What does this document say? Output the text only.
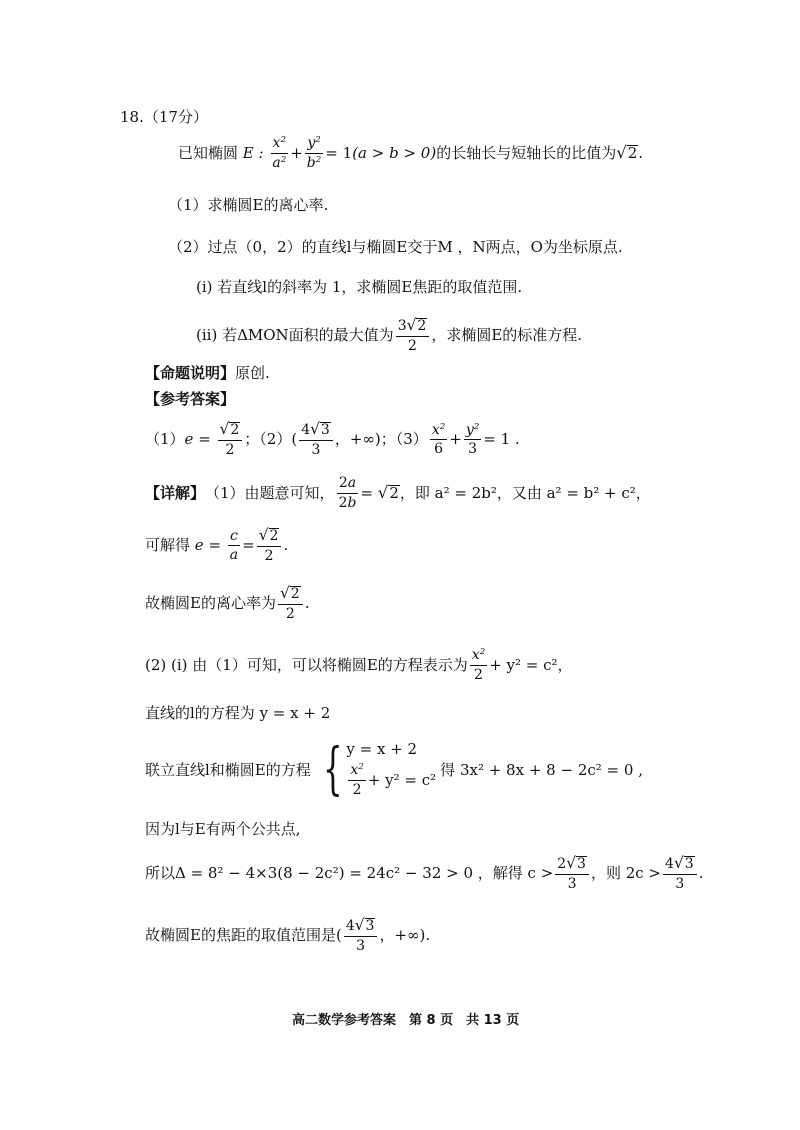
18.（17分）
已知椭圆 E : $\frac{x^2}{a^2} + \frac{y^2}{b^2} = 1$ (a > b > 0) 的长轴长与短轴长的比值为 √ 2 .
（1）求椭圆E的离心率.
（2）过点（0，2）的直线l与椭圆E交于M ，N两点，O为坐标原点.
(i) 若直线l的斜率为 1，求椭圆E焦距的取值范围.
(ii) 若ΔMON面积的最大值为 $\frac{3 √ 2}{2}$ ，求椭圆E的标准方程.
【命题说明】 原创.
【参考答案】
（1） $e = \frac{√ 2}{2}$ ；（2） ( $\frac{4 √ 3}{3}$ ，+∞) ；$(3) \frac{x^2}{6} + \frac{y^2}{3} = 1$ .
【详解】 （1）由题意可知， $\frac{2a}{2b}$ = √ 2 ，即 a² = 2b²，又由 a² = b² + c²，
可解得 $e = \frac{c}{a} = \frac{√ 2}{2}$ .
故椭圆E的离心率为 $\frac{√ 2}{2}$ .
(2) (i) 由（1）可知，可以将椭圆E的方程表示为 $\frac{x^2}{2} + y^2 = c^2$，
直线的l的方程为 y = x + 2
联立直线l和椭圆E的方程 { y = x + 2
$\frac{x^2}{2} + y^2 = c^2$
得 3x² + 8x + 8 − 2c² = 0 ,
因为l与E有两个公共点,
所以Δ = 8² − 4×3(8 − 2c²) = 24c² − 32 > 0 ，解得 $c > \frac{2 √ 3}{3}$ ，则 $2c > \frac{4 √ 3}{3}$ .
故椭圆E的焦距的取值范围是 ( $\frac{4 √ 3}{3}$ ，+∞).
高二数学参考答案　第 8 页　共 13 页
